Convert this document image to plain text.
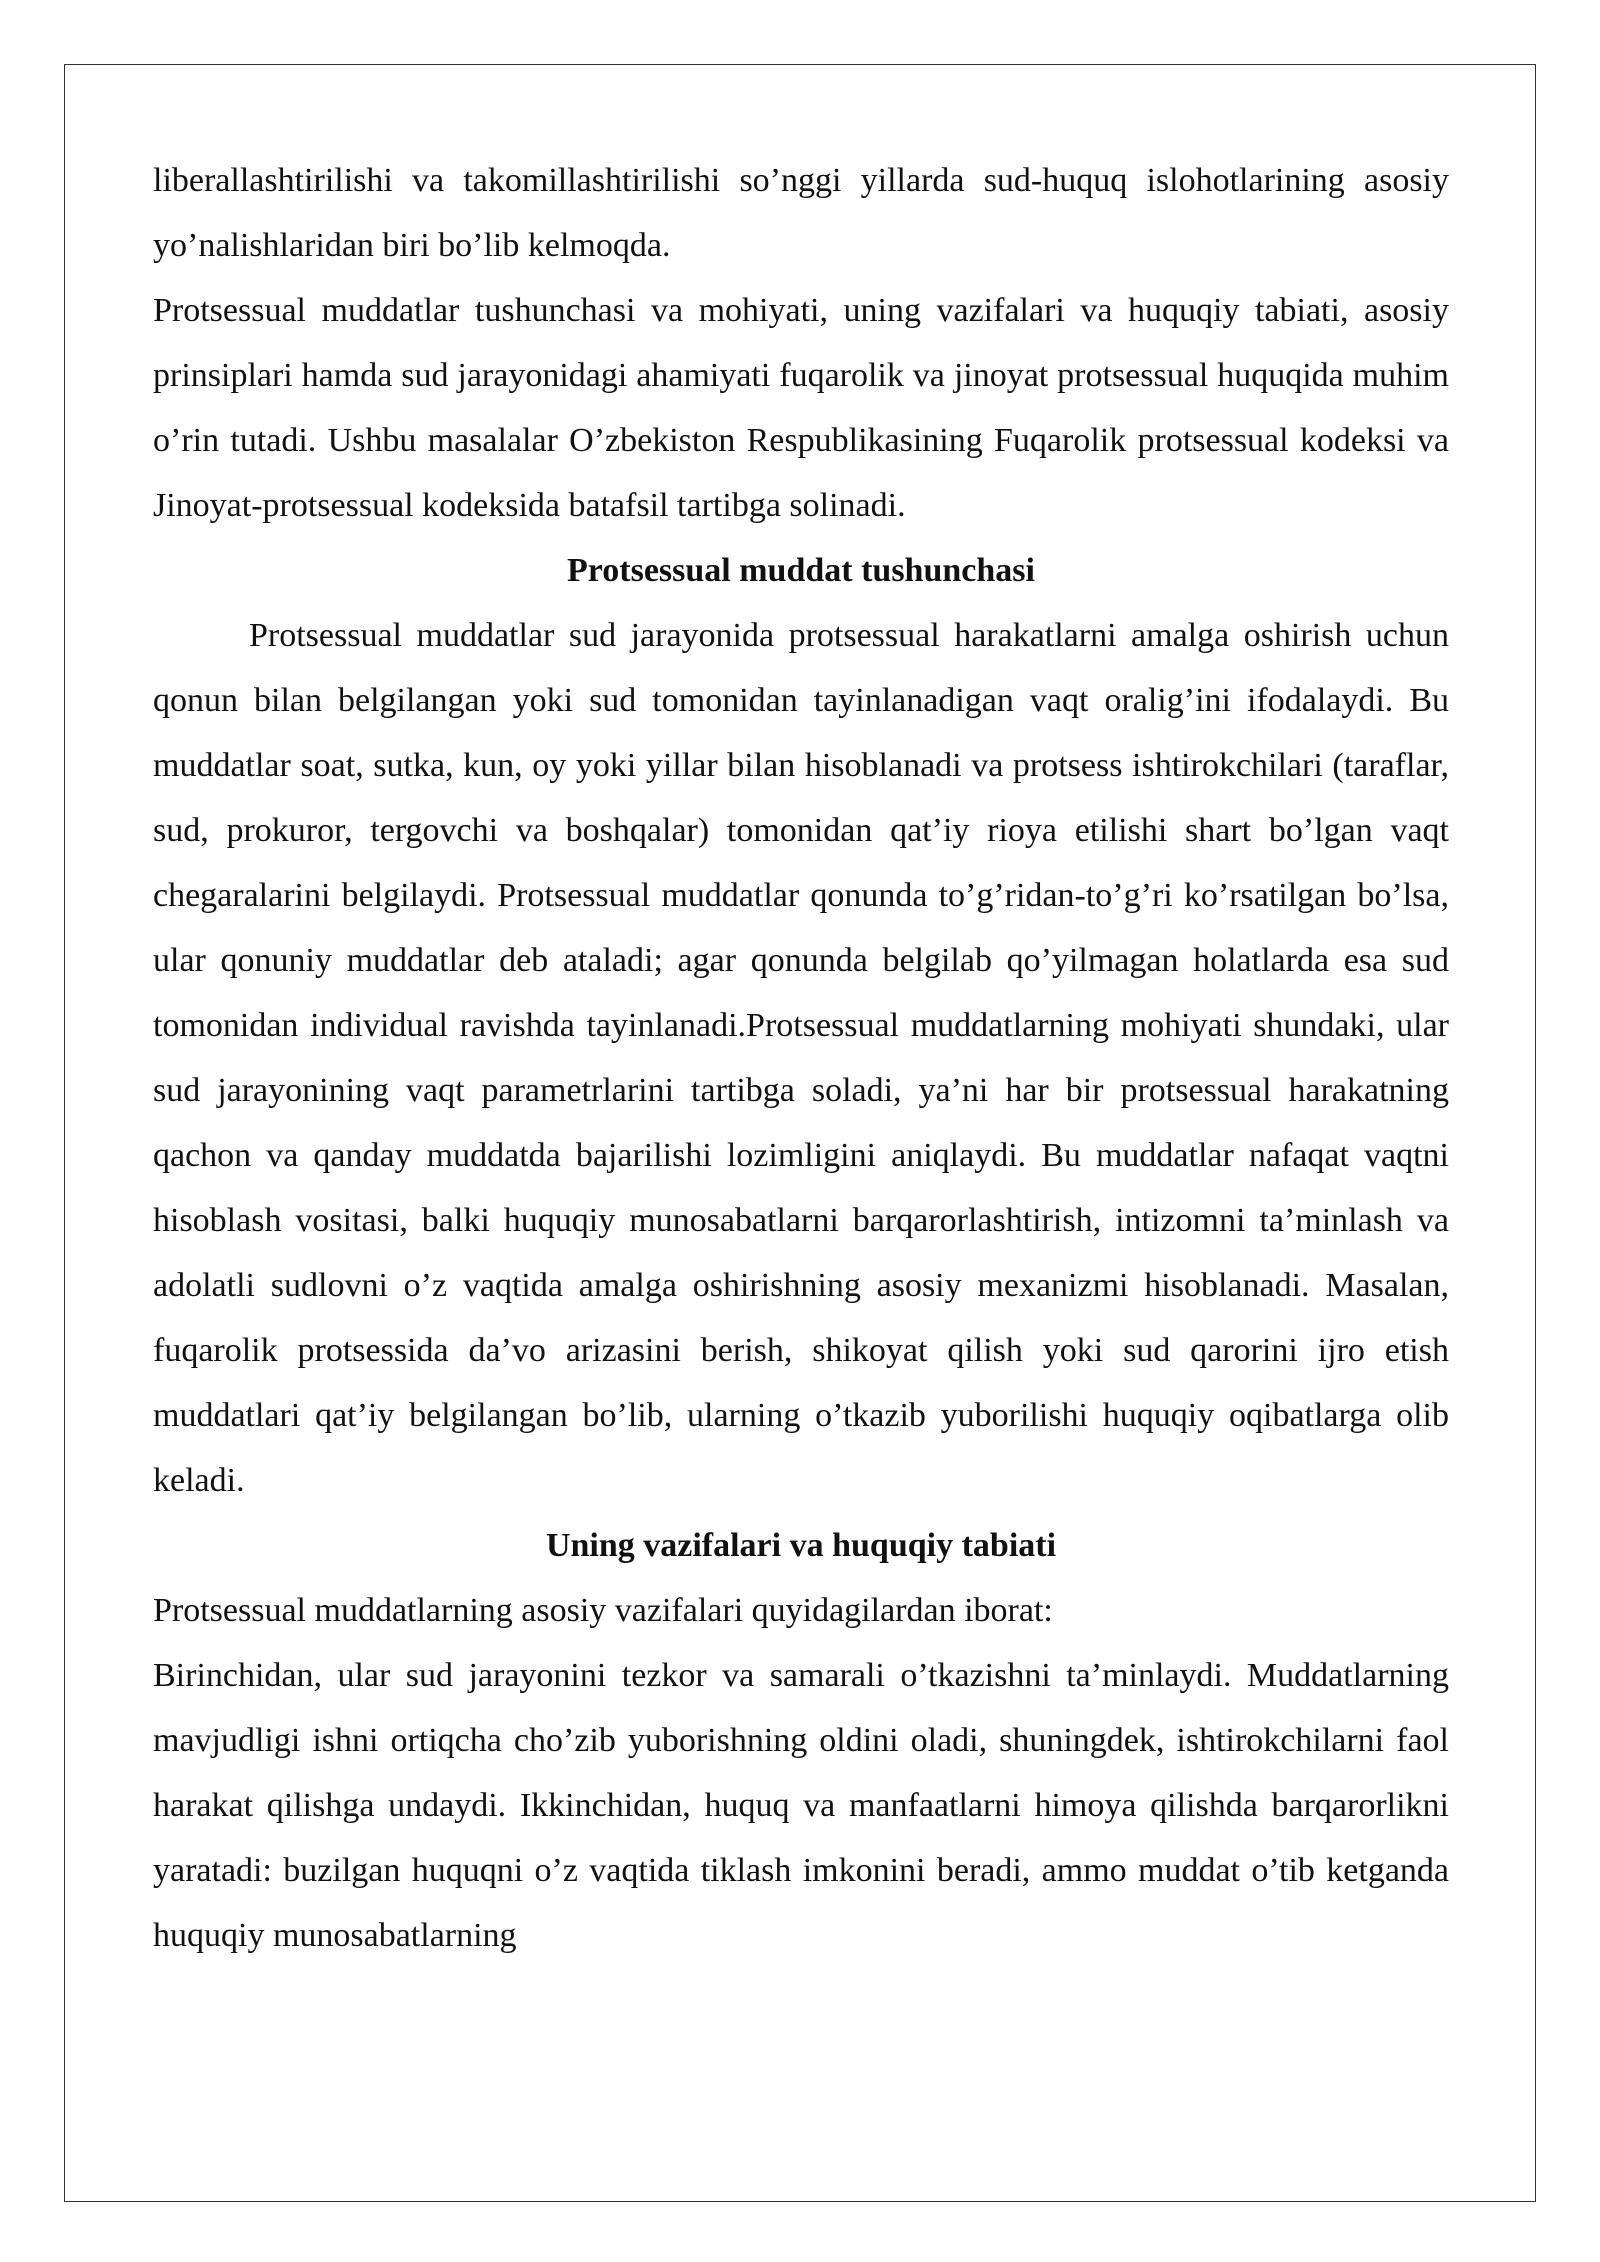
liberallashtirilishi va takomillashtirilishi so’nggi yillarda sud-huquq islohotlarining asosiy yo’nalishlaridan biri bo’lib kelmoqda.

Protsessual muddatlar tushunchasi va mohiyati, uning vazifalari va huquqiy tabiati, asosiy prinsiplari hamda sud jarayonidagi ahamiyati fuqarolik va jinoyat protsessual huquqida muhim o’rin tutadi. Ushbu masalalar O’zbekiston Respublikasining Fuqarolik protsessual kodeksi va Jinoyat-protsessual kodeksida batafsil tartibga solinadi.

Protsessual muddat tushunchasi

Protsessual muddatlar sud jarayonida protsessual harakatlarni amalga oshirish uchun qonun bilan belgilangan yoki sud tomonidan tayinlanadigan vaqt oralig’ini ifodalaydi. Bu muddatlar soat, sutka, kun, oy yoki yillar bilan hisoblanadi va protsess ishtirokchilari (taraflar, sud, prokuror, tergovchi va boshqalar) tomonidan qat’iy rioya etilishi shart bo’lgan vaqt chegaralarini belgilaydi. Protsessual muddatlar qonunda to’g’ridan-to’g’ri ko’rsatilgan bo’lsa, ular qonuniy muddatlar deb ataladi; agar qonunda belgilab qo’yilmagan holatlarda esa sud tomonidan individual ravishda tayinlanadi.Protsessual muddatlarning mohiyati shundaki, ular sud jarayonining vaqt parametrlarini tartibga soladi, ya’ni har bir protsessual harakatning qachon va qanday muddatda bajarilishi lozimligini aniqlaydi. Bu muddatlar nafaqat vaqtni hisoblash vositasi, balki huquqiy munosabatlarni barqarorlashtirish, intizomni ta’minlash va adolatli sudlovni o’z vaqtida amalga oshirishning asosiy mexanizmi hisoblanadi. Masalan, fuqarolik protsessida da’vo arizasini berish, shikoyat qilish yoki sud qarorini ijro etish muddatlari qat’iy belgilangan bo’lib, ularning o’tkazib yuborilishi huquqiy oqibatlarga olib keladi.

Uning vazifalari va huquqiy tabiati

Protsessual muddatlarning asosiy vazifalari quyidagilardan iborat:

Birinchidan, ular sud jarayonini tezkor va samarali o’tkazishni ta’minlaydi. Muddatlarning mavjudligi ishni ortiqcha cho’zib yuborishning oldini oladi, shuningdek, ishtirokchilarni faol harakat qilishga undaydi. Ikkinchidan, huquq va manfaatlarni himoya qilishda barqarorlikni yaratadi: buzilgan huquqni o’z vaqtida tiklash imkonini beradi, ammo muddat o’tib ketganda huquqiy munosabatlarning
